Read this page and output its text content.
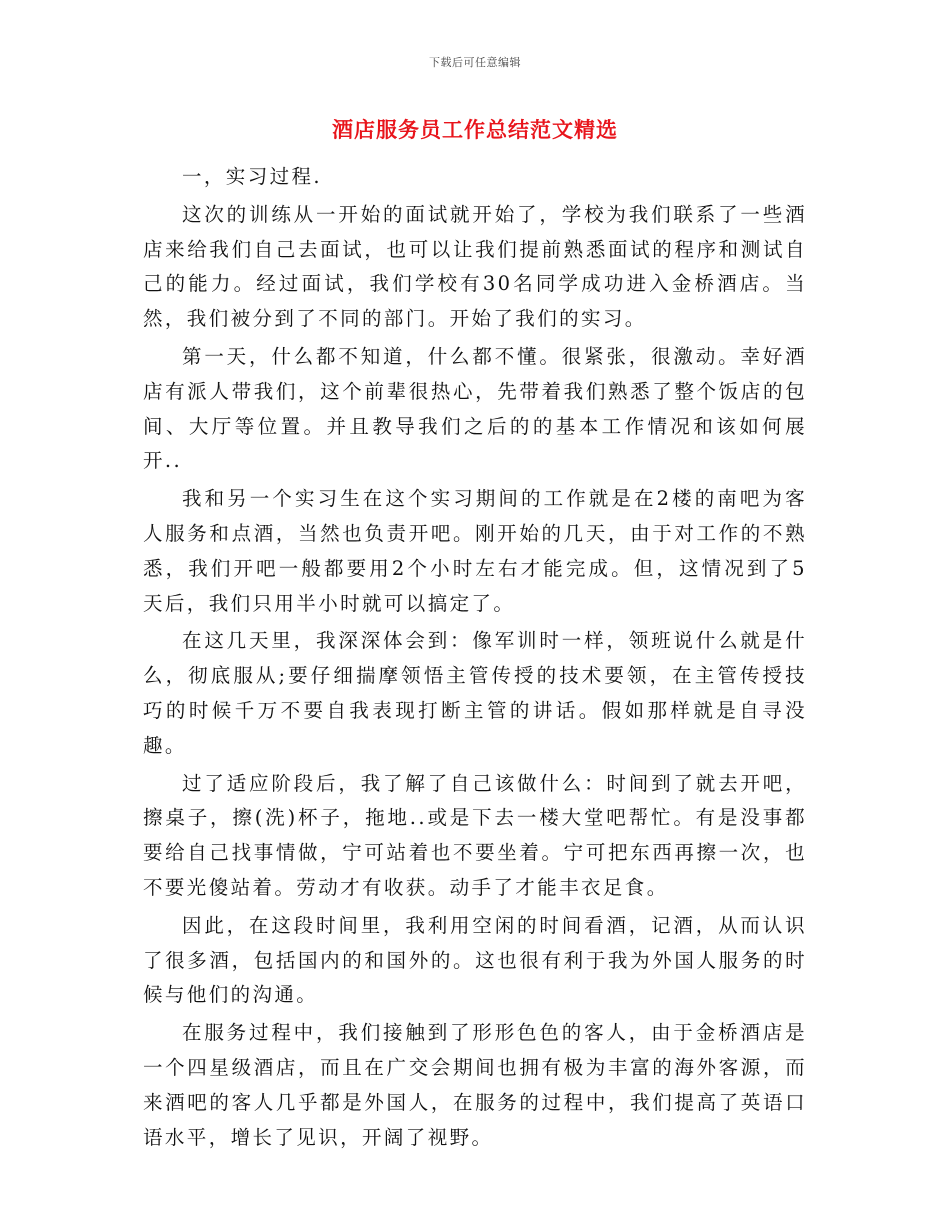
下载后可任意编辑
酒店服务员工作总结范文精选

一，实习过程.

这次的训练从一开始的面试就开始了，学校为我们联系了一些酒店来给我们自己去面试，也可以让我们提前熟悉面试的程序和测试自己的能力。经过面试，我们学校有30名同学成功进入金桥酒店。当然，我们被分到了不同的部门。开始了我们的实习。

第一天，什么都不知道，什么都不懂。很紧张，很激动。幸好酒店有派人带我们，这个前辈很热心，先带着我们熟悉了整个饭店的包间、大厅等位置。并且教导我们之后的的基本工作情况和该如何展开..

我和另一个实习生在这个实习期间的工作就是在2楼的南吧为客人服务和点酒，当然也负责开吧。刚开始的几天，由于对工作的不熟悉，我们开吧一般都要用2个小时左右才能完成。但，这情况到了5天后，我们只用半小时就可以搞定了。

在这几天里，我深深体会到：像军训时一样，领班说什么就是什么，彻底服从;要仔细揣摩领悟主管传授的技术要领，在主管传授技巧的时候千万不要自我表现打断主管的讲话。假如那样就是自寻没趣。

过了适应阶段后，我了解了自己该做什么：时间到了就去开吧，擦桌子，擦(洗)杯子，拖地..或是下去一楼大堂吧帮忙。有是没事都要给自己找事情做，宁可站着也不要坐着。宁可把东西再擦一次，也不要光傻站着。劳动才有收获。动手了才能丰衣足食。

因此，在这段时间里，我利用空闲的时间看酒，记酒，从而认识了很多酒，包括国内的和国外的。这也很有利于我为外国人服务的时候与他们的沟通。

在服务过程中，我们接触到了形形色色的客人，由于金桥酒店是一个四星级酒店，而且在广交会期间也拥有极为丰富的海外客源，而来酒吧的客人几乎都是外国人，在服务的过程中，我们提高了英语口语水平，增长了见识，开阔了视野。
